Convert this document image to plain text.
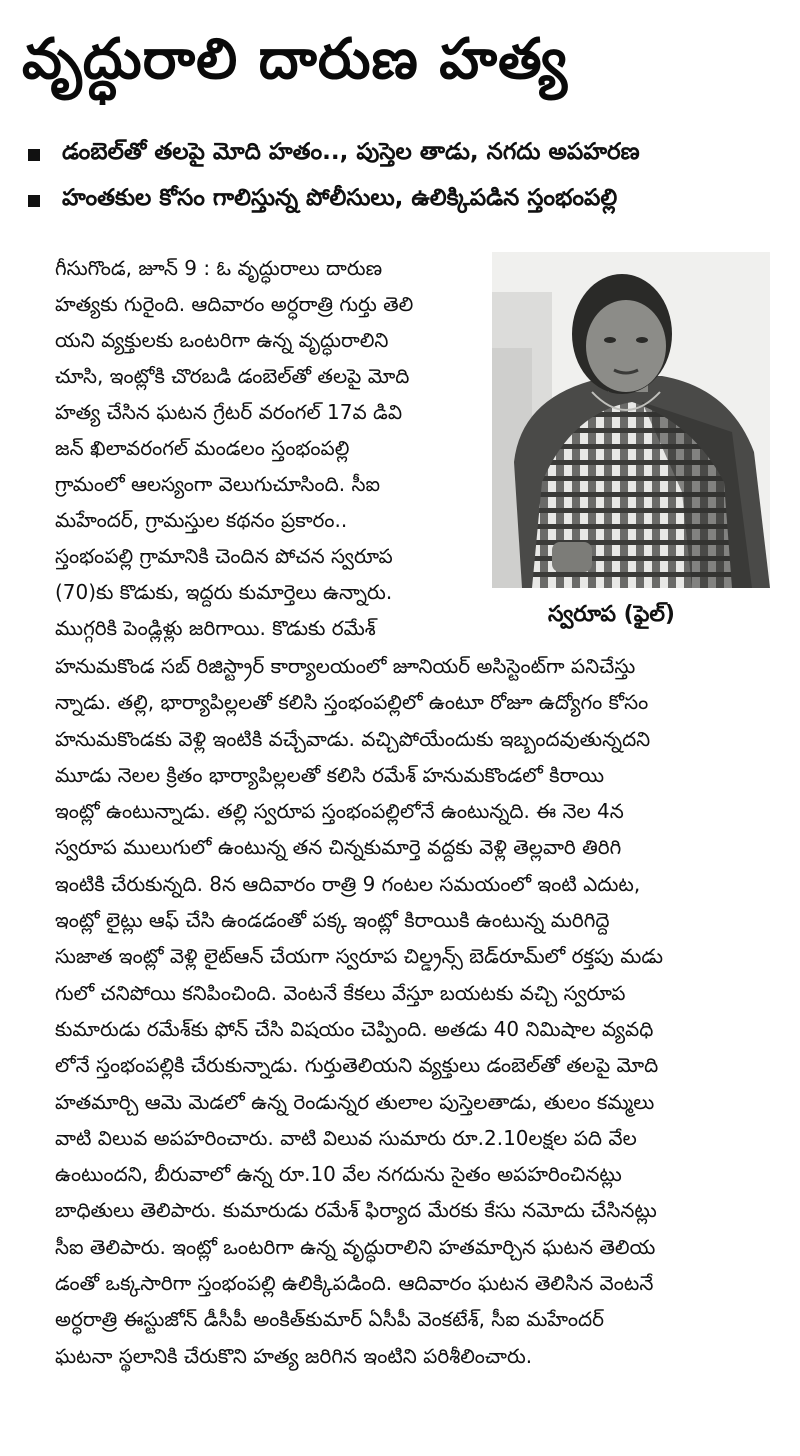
వృద్ధురాలి దారుణ హత్య
డంబెల్‌తో తలపై మోది హతం.., పుస్తెల తాడు, నగదు అపహరణ
హంతకుల కోసం గాలిస్తున్న పోలీసులు, ఉలిక్కిపడిన స్తంభంపల్లి
గీసుగొండ, జూన్ 9 : ఓ వృద్ధురాలు దారుణ
హత్యకు గురైంది. ఆదివారం అర్ధరాత్రి గుర్తు తెలి
యని వ్యక్తులకు ఒంటరిగా ఉన్న వృద్ధురాలిని
చూసి, ఇంట్లోకి చొరబడి డంబెల్‌తో తలపై మోది
హత్య చేసిన ఘటన గ్రేటర్ వరంగల్ 17వ డివి
జన్ ఖిలావరంగల్ మండలం స్తంభంపల్లి
గ్రామంలో ఆలస్యంగా వెలుగుచూసింది. సీఐ
మహేందర్, గ్రామస్తుల కథనం ప్రకారం..
స్తంభంపల్లి గ్రామానికి చెందిన పోచన స్వరూప
(70)కు కొడుకు, ఇద్దరు కుమార్తెలు ఉన్నారు.
ముగ్గరికి పెండ్లిళ్లు జరిగాయి. కొడుకు రమేశ్
స్వరూప (ఫైల్)
హనుమకొండ సబ్ రిజిస్ట్రార్ కార్యాలయంలో జూనియర్ అసిస్టెంట్‌గా పనిచేస్తు
న్నాడు. తల్లి, భార్యాపిల్లలతో కలిసి స్తంభంపల్లిలో ఉంటూ రోజూ ఉద్యోగం కోసం
హనుమకొండకు వెళ్లి ఇంటికి వచ్చేవాడు. వచ్చిపోయేందుకు ఇబ్బందవుతున్నదని
మూడు నెలల క్రితం భార్యాపిల్లలతో కలిసి రమేశ్ హనుమకొండలో కిరాయి
ఇంట్లో ఉంటున్నాడు. తల్లి స్వరూప స్తంభంపల్లిలోనే ఉంటున్నది. ఈ నెల 4న
స్వరూప ములుగులో ఉంటున్న తన చిన్నకుమార్తె వద్దకు వెళ్లి తెల్లవారి తిరిగి
ఇంటికి చేరుకున్నది. 8న ఆదివారం రాత్రి 9 గంటల సమయంలో ఇంటి ఎదుట,
ఇంట్లో లైట్లు ఆఫ్ చేసి ఉండడంతో పక్క ఇంట్లో కిరాయికి ఉంటున్న మరిగిద్దె
సుజాత ఇంట్లో వెళ్లి లైట్‌ఆన్ చేయగా స్వరూప చిల్డ్రన్స్ బెడ్‌రూమ్‌లో రక్తపు మడు
గులో చనిపోయి కనిపించింది. వెంటనే కేకలు వేస్తూ బయటకు వచ్చి స్వరూప
కుమారుడు రమేశ్‌కు ఫోన్ చేసి విషయం చెప్పింది. అతడు 40 నిమిషాల వ్యవధి
లోనే స్తంభంపల్లికి చేరుకున్నాడు. గుర్తుతెలియని వ్యక్తులు డంబెల్‌తో తలపై మోది
హతమార్చి ఆమె మెడలో ఉన్న రెండున్నర తులాల పుస్తెలతాడు, తులం కమ్మలు
వాటి విలువ అపహరించారు. వాటి విలువ సుమారు రూ.2.10లక్షల పది వేల
ఉంటుందని, బీరువాలో ఉన్న రూ.10 వేల నగదును సైతం అపహరించినట్లు
బాధితులు తెలిపారు. కుమారుడు రమేశ్ ఫిర్యాద మేరకు కేసు నమోదు చేసినట్లు
సీఐ తెలిపారు. ఇంట్లో ఒంటరిగా ఉన్న వృద్ధురాలిని హతమార్చిన ఘటన తెలియ
డంతో ఒక్కసారిగా స్తంభంపల్లి ఉలిక్కిపడింది. ఆదివారం ఘటన తెలిసిన వెంటనే
అర్ధరాత్రి ఈస్టుజోన్ డీసీపీ అంకిత్‌కుమార్ ఏసీపీ వెంకటేశ్, సీఐ మహేందర్
ఘటనా స్థలానికి చేరుకొని హత్య జరిగిన ఇంటిని పరిశీలించారు.
